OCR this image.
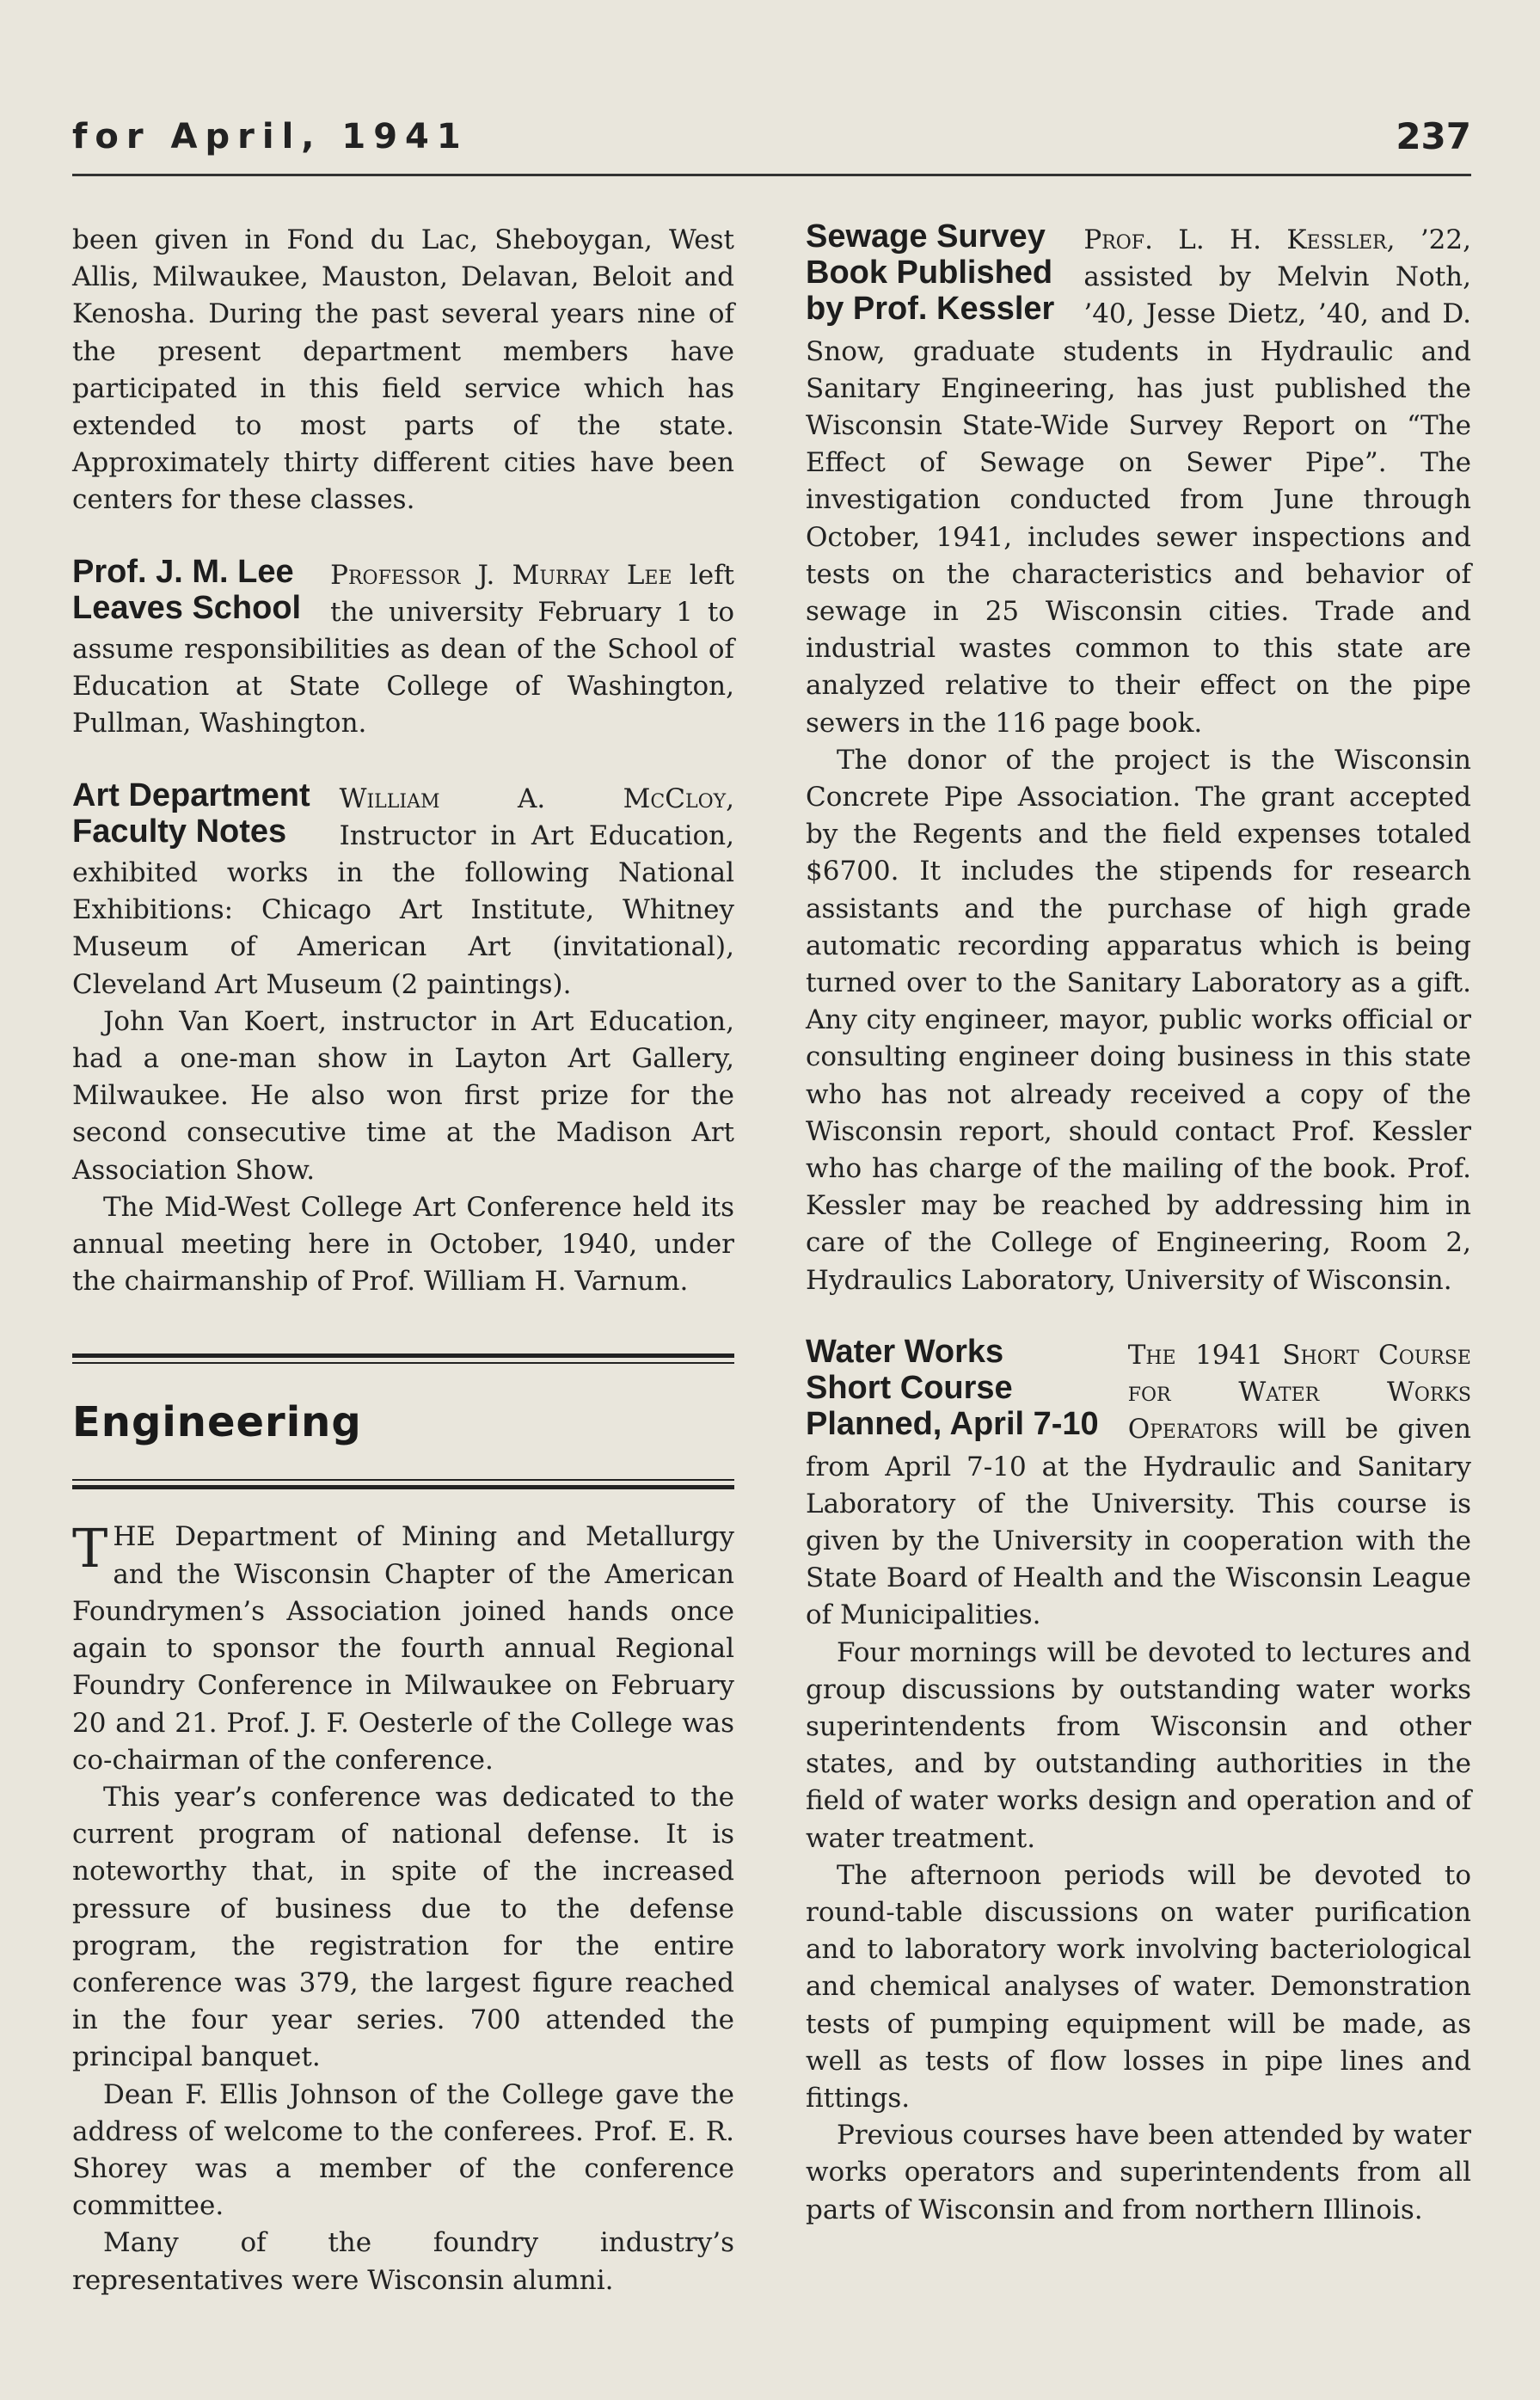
for April, 1941	237

been given in Fond du Lac, Sheboygan, West Allis, Milwaukee, Mauston, Delavan, Beloit and Kenosha. During the past several years nine of the present department members have participated in this field service which has extended to most parts of the state. Approximately thirty different cities have been centers for these classes.

Prof. J. M. Lee
Leaves School

Professor J. Murray Lee left the university February 1 to assume responsibilities as dean of the School of Education at State College of Washington, Pullman, Washington.

Art Department
Faculty Notes

William A. McCloy, Instructor in Art Education, exhibited works in the following National Exhibitions: Chicago Art Institute, Whitney Museum of American Art (invitational), Cleveland Art Museum (2 paintings).

John Van Koert, instructor in Art Education, had a one-man show in Layton Art Gallery, Milwaukee. He also won first prize for the second consecutive time at the Madison Art Association Show.

The Mid-West College Art Conference held its annual meeting here in October, 1940, under the chairmanship of Prof. William H. Varnum.

Engineering

THE Department of Mining and Metallurgy and the Wisconsin Chapter of the American Foundrymen’s Association joined hands once again to sponsor the fourth annual Regional Foundry Conference in Milwaukee on February 20 and 21. Prof. J. F. Oesterle of the College was co-chairman of the conference.

This year’s conference was dedicated to the current program of national defense. It is noteworthy that, in spite of the increased pressure of business due to the defense program, the registration for the entire conference was 379, the largest figure reached in the four year series. 700 attended the principal banquet.

Dean F. Ellis Johnson of the College gave the address of welcome to the conferees. Prof. E. R. Shorey was a member of the conference committee.

Many of the foundry industry’s representatives were Wisconsin alumni.

Sewage Survey
Book Published
by Prof. Kessler

Prof. L. H. Kessler, ’22, assisted by Melvin Noth, ’40, Jesse Dietz, ’40, and D. Snow, graduate students in Hydraulic and Sanitary Engineering, has just published the Wisconsin State-Wide Survey Report on “The Effect of Sewage on Sewer Pipe”. The investigation conducted from June through October, 1941, includes sewer inspections and tests on the characteristics and behavior of sewage in 25 Wisconsin cities. Trade and industrial wastes common to this state are analyzed relative to their effect on the pipe sewers in the 116 page book.

The donor of the project is the Wisconsin Concrete Pipe Association. The grant accepted by the Regents and the field expenses totaled $6700. It includes the stipends for research assistants and the purchase of high grade automatic recording apparatus which is being turned over to the Sanitary Laboratory as a gift. Any city engineer, mayor, public works official or consulting engineer doing business in this state who has not already received a copy of the Wisconsin report, should contact Prof. Kessler who has charge of the mailing of the book. Prof. Kessler may be reached by addressing him in care of the College of Engineering, Room 2, Hydraulics Laboratory, University of Wisconsin.

Water Works
Short Course
Planned, April 7-10

The 1941 Short Course for Water Works Operators will be given from April 7-10 at the Hydraulic and Sanitary Laboratory of the University. This course is given by the University in cooperation with the State Board of Health and the Wisconsin League of Municipalities.

Four mornings will be devoted to lectures and group discussions by outstanding water works superintendents from Wisconsin and other states, and by outstanding authorities in the field of water works design and operation and of water treatment.

The afternoon periods will be devoted to round-table discussions on water purification and to laboratory work involving bacteriological and chemical analyses of water. Demonstration tests of pumping equipment will be made, as well as tests of flow losses in pipe lines and fittings.

Previous courses have been attended by water works operators and superintendents from all parts of Wisconsin and from northern Illinois.
